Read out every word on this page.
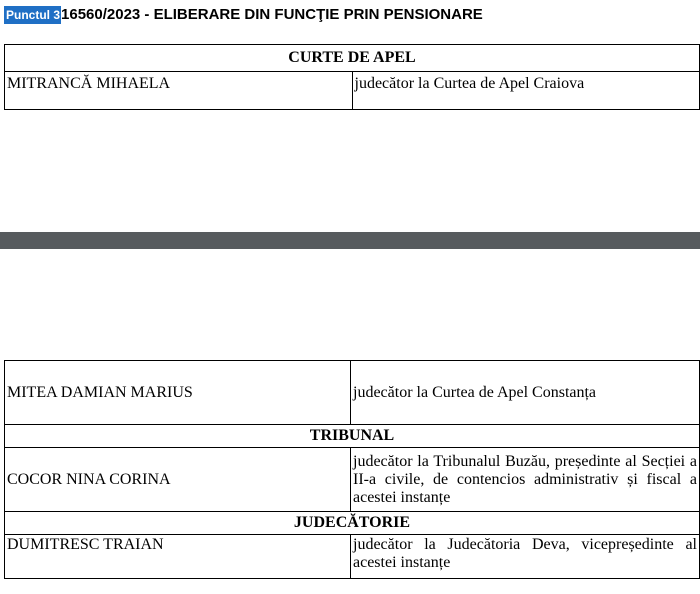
Punctul 3 16560/2023 - ELIBERARE DIN FUNCŢIE PRIN PENSIONARE
CURTE DE APEL
MITRANCĂ MIHAELA	judecător la Curtea de Apel Craiova
MITEA DAMIAN MARIUS	judecător la Curtea de Apel Constanța
TRIBUNAL	
COCOR NINA CORINA	judecător la Tribunalul Buzău, președinte al Secției a II-a civile, de contencios administrativ și fiscal a acestei instanțe
JUDECĂTORIE	
DUMITRESC TRAIAN	judecător la Judecătoria Deva, vicepreședinte al acestei instanțe
